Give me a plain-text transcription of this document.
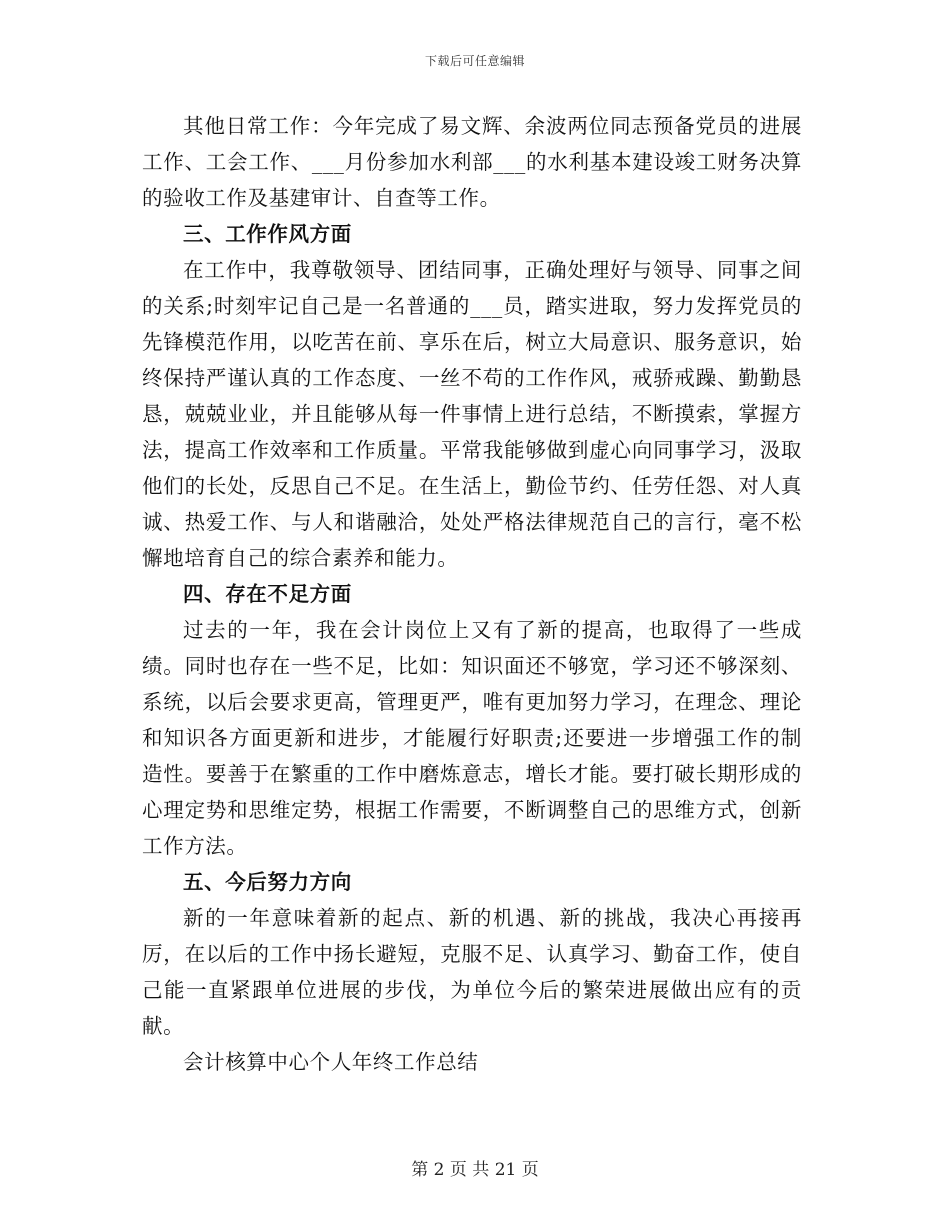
下载后可任意编辑

其他日常工作：今年完成了易文辉、余波两位同志预备党员的进展工作、工会工作、___月份参加水利部___的水利基本建设竣工财务决算的验收工作及基建审计、自查等工作。

三、工作作风方面

在工作中，我尊敬领导、团结同事，正确处理好与领导、同事之间的关系;时刻牢记自己是一名普通的___员，踏实进取，努力发挥党员的先锋模范作用，以吃苦在前、享乐在后，树立大局意识、服务意识，始终保持严谨认真的工作态度、一丝不苟的工作作风，戒骄戒躁、勤勤恳恳，兢兢业业，并且能够从每一件事情上进行总结，不断摸索，掌握方法，提高工作效率和工作质量。平常我能够做到虚心向同事学习，汲取他们的长处，反思自己不足。在生活上，勤俭节约、任劳任怨、对人真诚、热爱工作、与人和谐融洽，处处严格法律规范自己的言行，毫不松懈地培育自己的综合素养和能力。

四、存在不足方面

过去的一年，我在会计岗位上又有了新的提高，也取得了一些成绩。同时也存在一些不足，比如：知识面还不够宽，学习还不够深刻、系统，以后会要求更高，管理更严，唯有更加努力学习，在理念、理论和知识各方面更新和进步，才能履行好职责;还要进一步增强工作的制造性。要善于在繁重的工作中磨炼意志，增长才能。要打破长期形成的心理定势和思维定势，根据工作需要，不断调整自己的思维方式，创新工作方法。

五、今后努力方向

新的一年意味着新的起点、新的机遇、新的挑战，我决心再接再厉，在以后的工作中扬长避短，克服不足、认真学习、勤奋工作，使自己能一直紧跟单位进展的步伐，为单位今后的繁荣进展做出应有的贡献。

会计核算中心个人年终工作总结

第 2 页 共 21 页
